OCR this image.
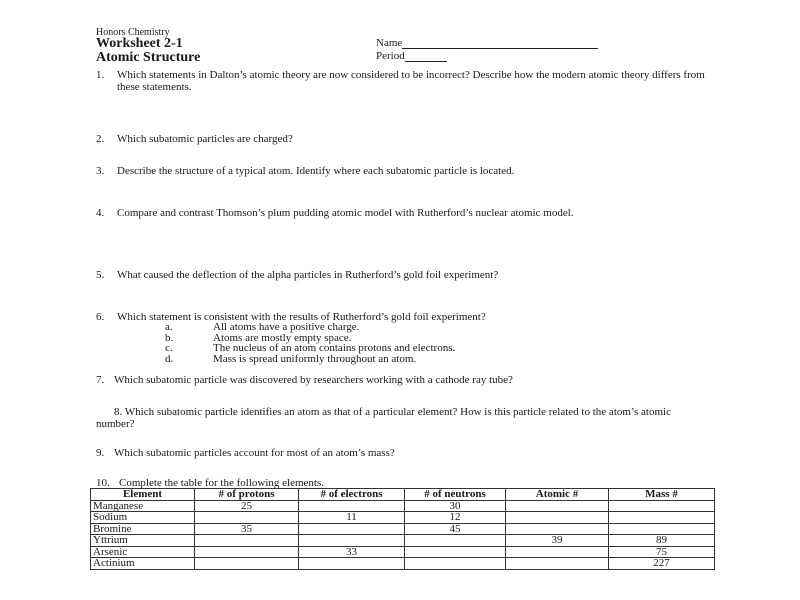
Honors Chemistry
Worksheet 2-1
Atomic Structure
Name
Period
1. Which statements in Dalton’s atomic theory are now considered to be incorrect? Describe how the modern atomic theory differs from these statements.
2. Which subatomic particles are charged?
3. Describe the structure of a typical atom. Identify where each subatomic particle is located.
4. Compare and contrast Thomson’s plum pudding atomic model with Rutherford’s nuclear atomic model.
5. What caused the deflection of the alpha particles in Rutherford’s gold foil experiment?
6. Which statement is consistent with the results of Rutherford’s gold foil experiment?
a.	All atoms have a positive charge.
b.	Atoms are mostly empty space.
c.	The nucleus of an atom contains protons and electrons.
d.	Mass is spread uniformly throughout an atom.
7. Which subatomic particle was discovered by researchers working with a cathode ray tube?
8. Which subatomic particle identifies an atom as that of a particular element? How is this particle related to the atom’s atomic number?
9. Which subatomic particles account for most of an atom’s mass?
10. Complete the table for the following elements.
Element	# of protons	# of electrons	# of neutrons	Atomic #	Mass #
Manganese	25		30		
Sodium		11	12		
Bromine	35		45		
Yttrium				39	89
Arsenic		33			75
Actinium					227
